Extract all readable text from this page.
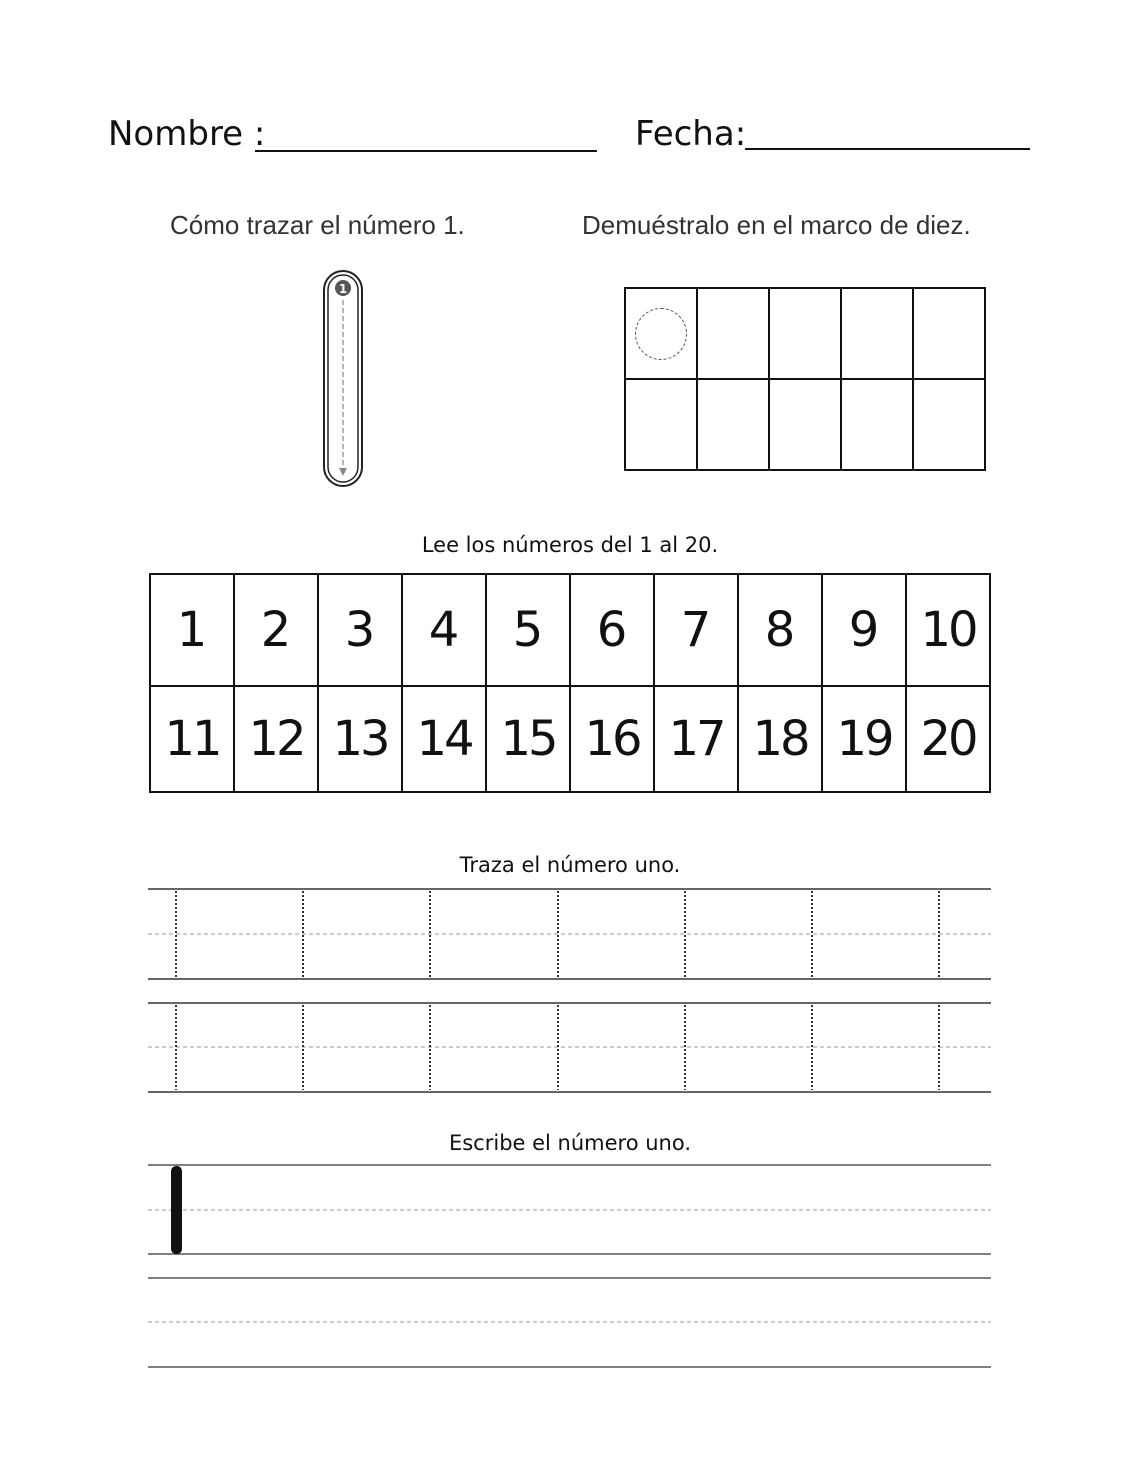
Nombre :	Fecha:
Cómo trazar el número 1.	Demuéstralo en el marco de diez.
1

Lee los números del 1 al 20.
1	2	3	4	5	6	7	8	9	10
11	12	13	14	15	16	17	18	19	20
Traza el número uno.
Escribe el número uno.
